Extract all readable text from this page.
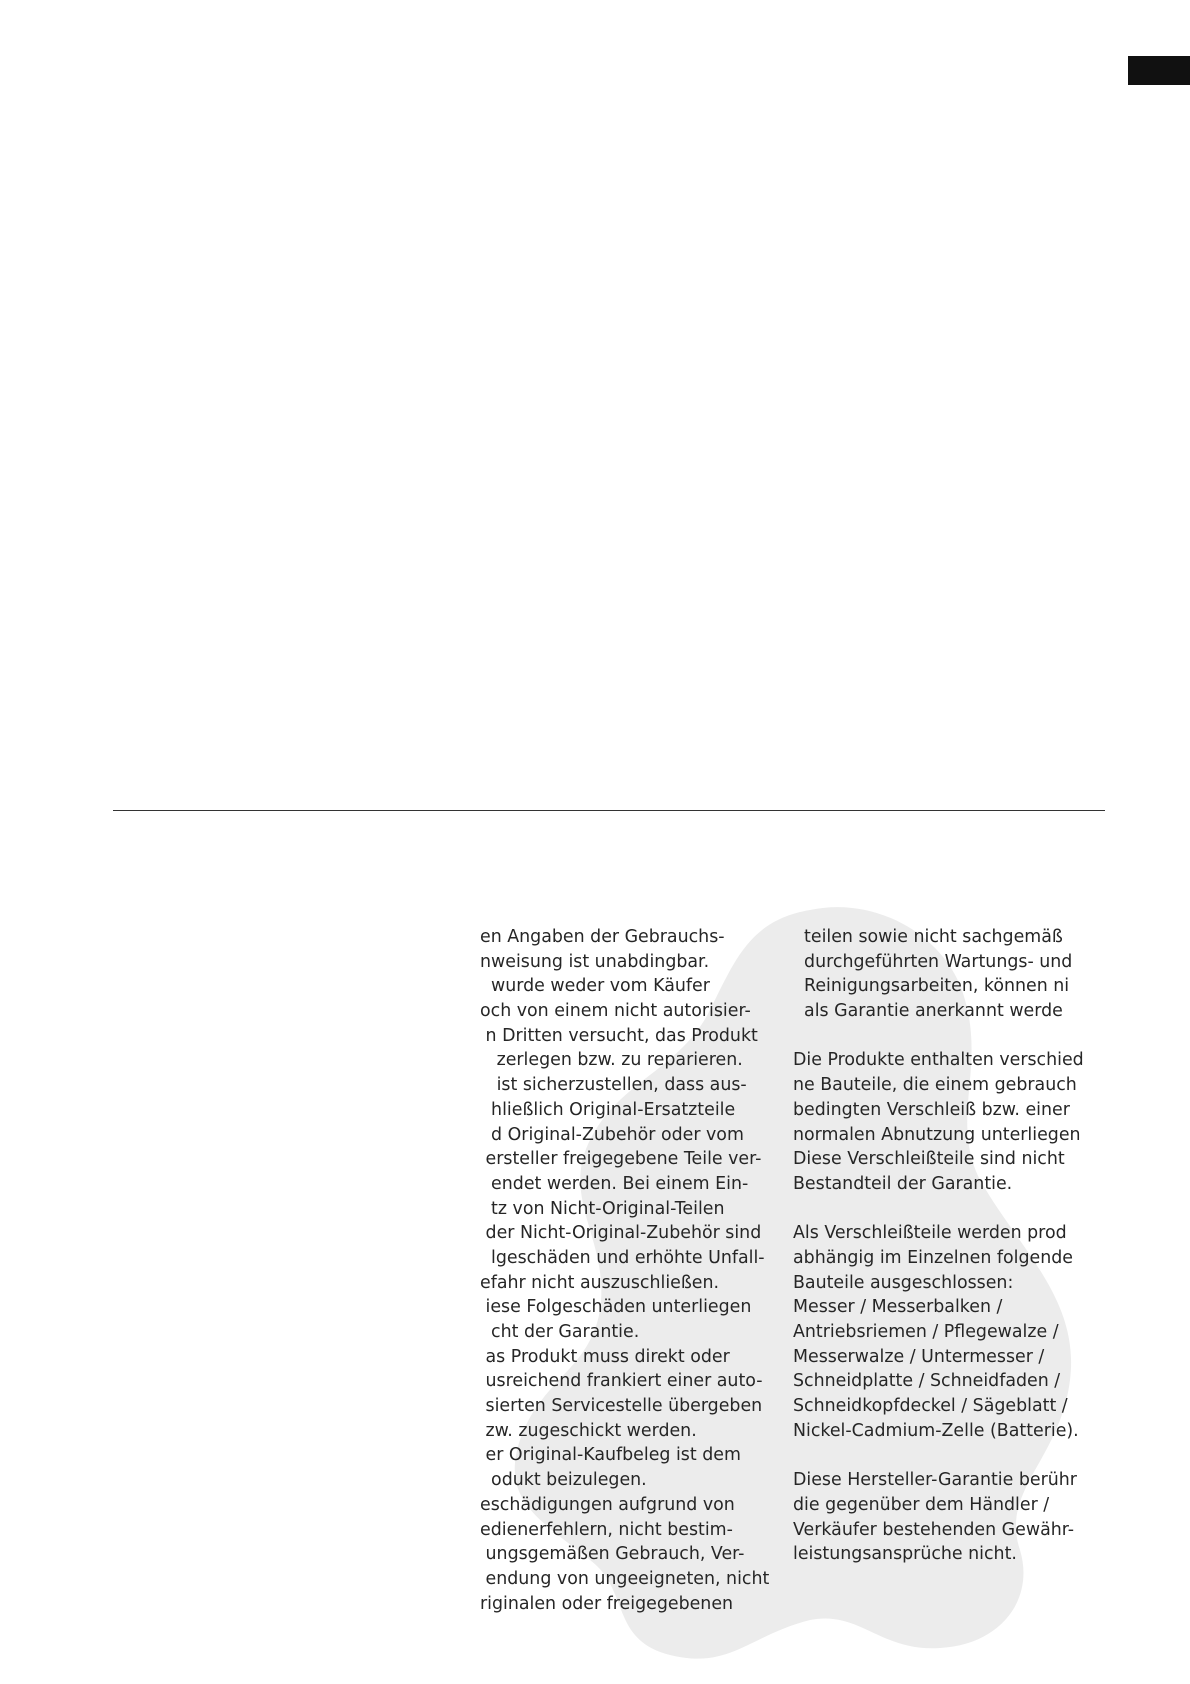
en Angaben der Gebrauchs-
nweisung ist unabdingbar.
wurde weder vom Käufer
och von einem nicht autorisier-
n Dritten versucht, das Produkt
zerlegen bzw. zu reparieren.
ist sicherzustellen, dass aus-
hließlich Original-Ersatzteile
d Original-Zubehör oder vom
ersteller freigegebene Teile ver-
endet werden. Bei einem Ein-
tz von Nicht-Original-Teilen
der Nicht-Original-Zubehör sind
lgeschäden und erhöhte Unfall-
efahr nicht auszuschließen.
iese Folgeschäden unterliegen
cht der Garantie.
as Produkt muss direkt oder
usreichend frankiert einer auto-
sierten Servicestelle übergeben
zw. zugeschickt werden.
er Original-Kaufbeleg ist dem
odukt beizulegen.
eschädigungen aufgrund von
edienerfehlern, nicht bestim-
ungsgemäßen Gebrauch, Ver-
endung von ungeeigneten, nicht
riginalen oder freigegebenen
teilen sowie nicht sachgemäß
durchgeführten Wartungs- und
Reinigungsarbeiten, können ni
als Garantie anerkannt werde
Die Produkte enthalten verschied
ne Bauteile, die einem gebrauch
bedingten Verschleiß bzw. einer
normalen Abnutzung unterliegen
Diese Verschleißteile sind nicht
Bestandteil der Garantie.
Als Verschleißteile werden prod
abhängig im Einzelnen folgende
Bauteile ausgeschlossen:
Messer / Messerbalken /
Antriebsriemen / Pflegewalze /
Messerwalze / Untermesser /
Schneidplatte / Schneidfaden /
Schneidkopfdeckel / Sägeblatt /
Nickel-Cadmium-Zelle (Batterie).
Diese Hersteller-Garantie berühr
die gegenüber dem Händler /
Verkäufer bestehenden Gewähr-
leistungsansprüche nicht.
